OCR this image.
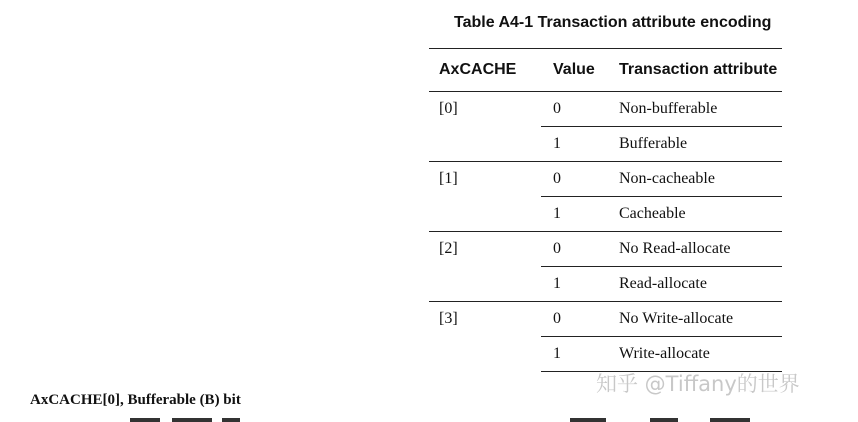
Table A4-1 Transaction attribute encoding
AxCACHE	Value	Transaction attribute
[0]	0	Non-bufferable
	1	Bufferable
[1]	0	Non-cacheable
	1	Cacheable
[2]	0	No Read-allocate
	1	Read-allocate
[3]	0	No Write-allocate
	1	Write-allocate
知乎 @Tiffany的世界
AxCACHE[0], Bufferable (B) bit
